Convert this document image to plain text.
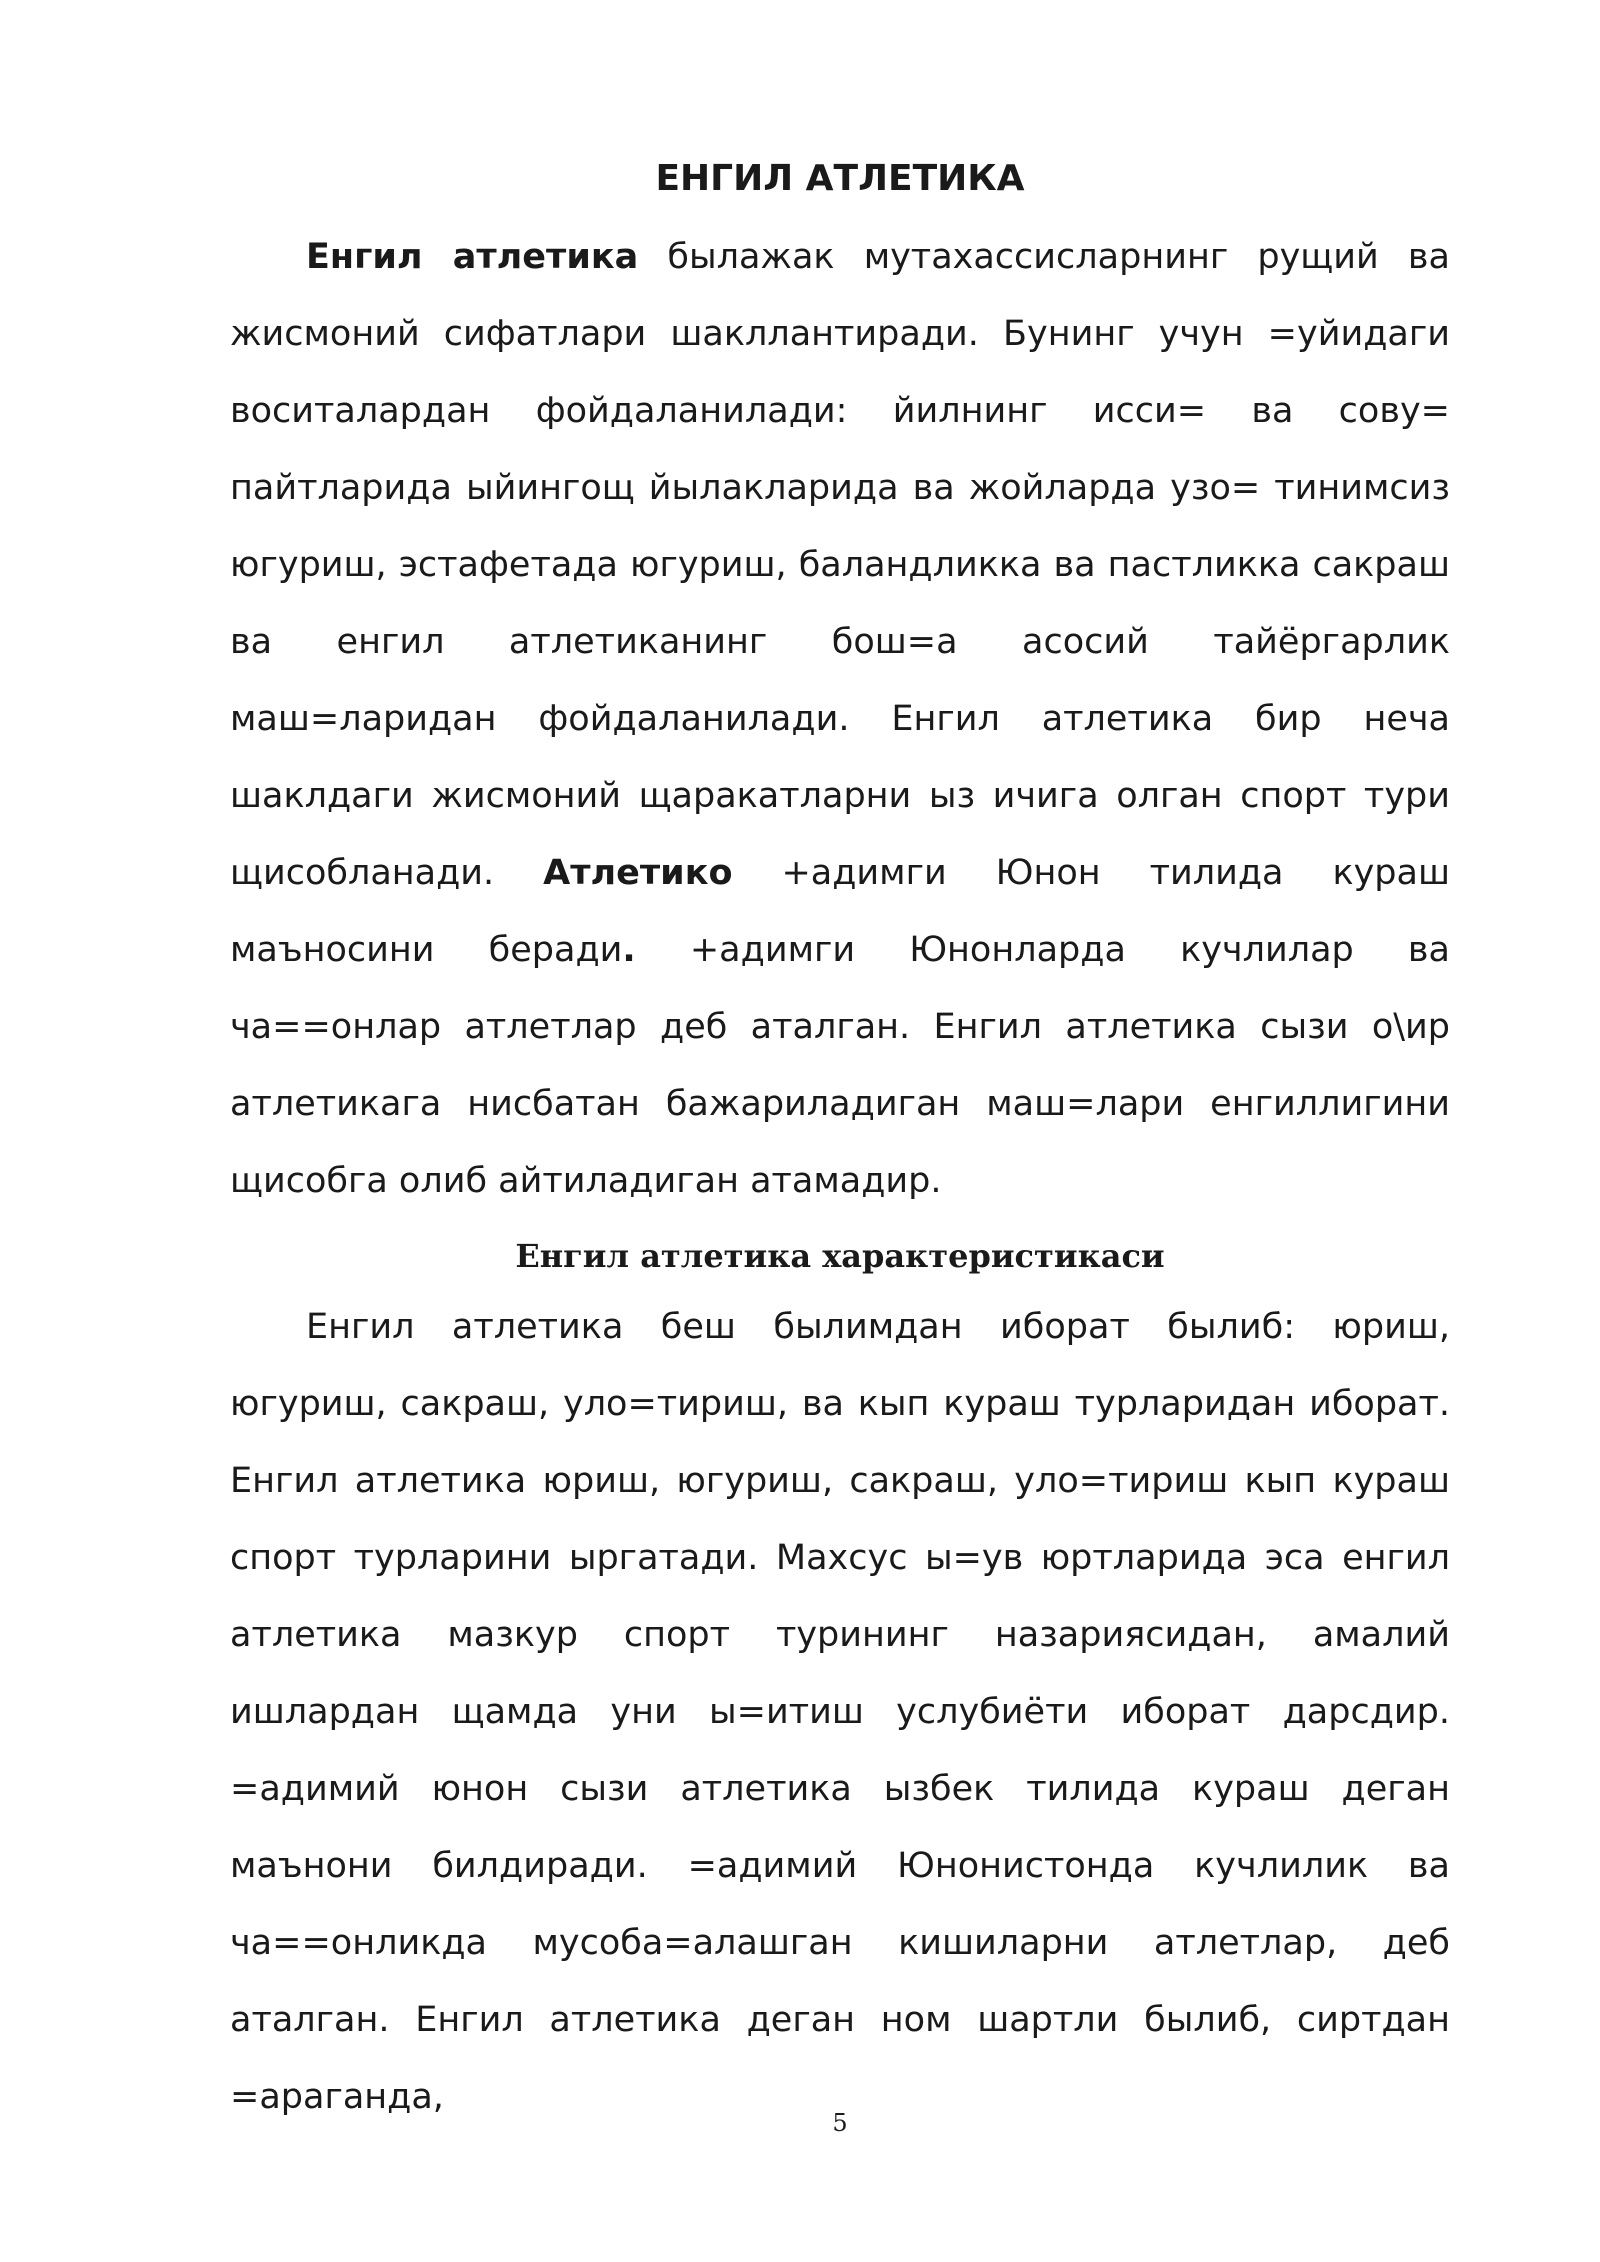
ЕНГИЛ АТЛЕТИКА

Енгил атлетика былажак мутахассисларнинг рущий ва жисмоний сифатлари шакллантиради. Бунинг учун =уйидаги воситалардан фойдаланилади: йилнинг исси= ва сову= пайтларида ыйингощ йылакларида ва жойларда узо= тинимсиз югуриш, эстафетада югуриш, баландликка ва пастликка сакраш ва енгил атлетиканинг бош=а асосий тайёргарлик маш=ларидан фойдаланилади. Енгил атлетика бир неча шаклдаги жисмоний щаракатларни ыз ичига олган спорт тури щисобланади. Атлетико +адимги Юнон тилида кураш маъносини беради. +адимги Юнонларда кучлилар ва ча==онлар атлетлар деб аталган. Енгил атлетика сызи о\ир атлетикага нисбатан бажариладиган маш=лари енгиллигини щисобга олиб айтиладиган атамадир.

Енгил атлетика характеристикаси

Енгил атлетика беш былимдан иборат былиб: юриш, югуриш, сакраш, уло=тириш, ва кып кураш турларидан иборат. Енгил атлетика юриш, югуриш, сакраш, уло=тириш кып кураш спорт турларини ыргатади. Махсус ы=ув юртларида эса енгил атлетика мазкур спорт турининг назариясидан, амалий ишлардан щамда уни ы=итиш услубиёти иборат дарсдир. =адимий юнон сызи атлетика ызбек тилида кураш деган маънони билдиради. =адимий Юнонистонда кучлилик ва ча==онликда мусоба=алашган кишиларни атлетлар, деб аталган. Енгил атлетика деган ном шартли былиб, сиртдан =араганда,

5
